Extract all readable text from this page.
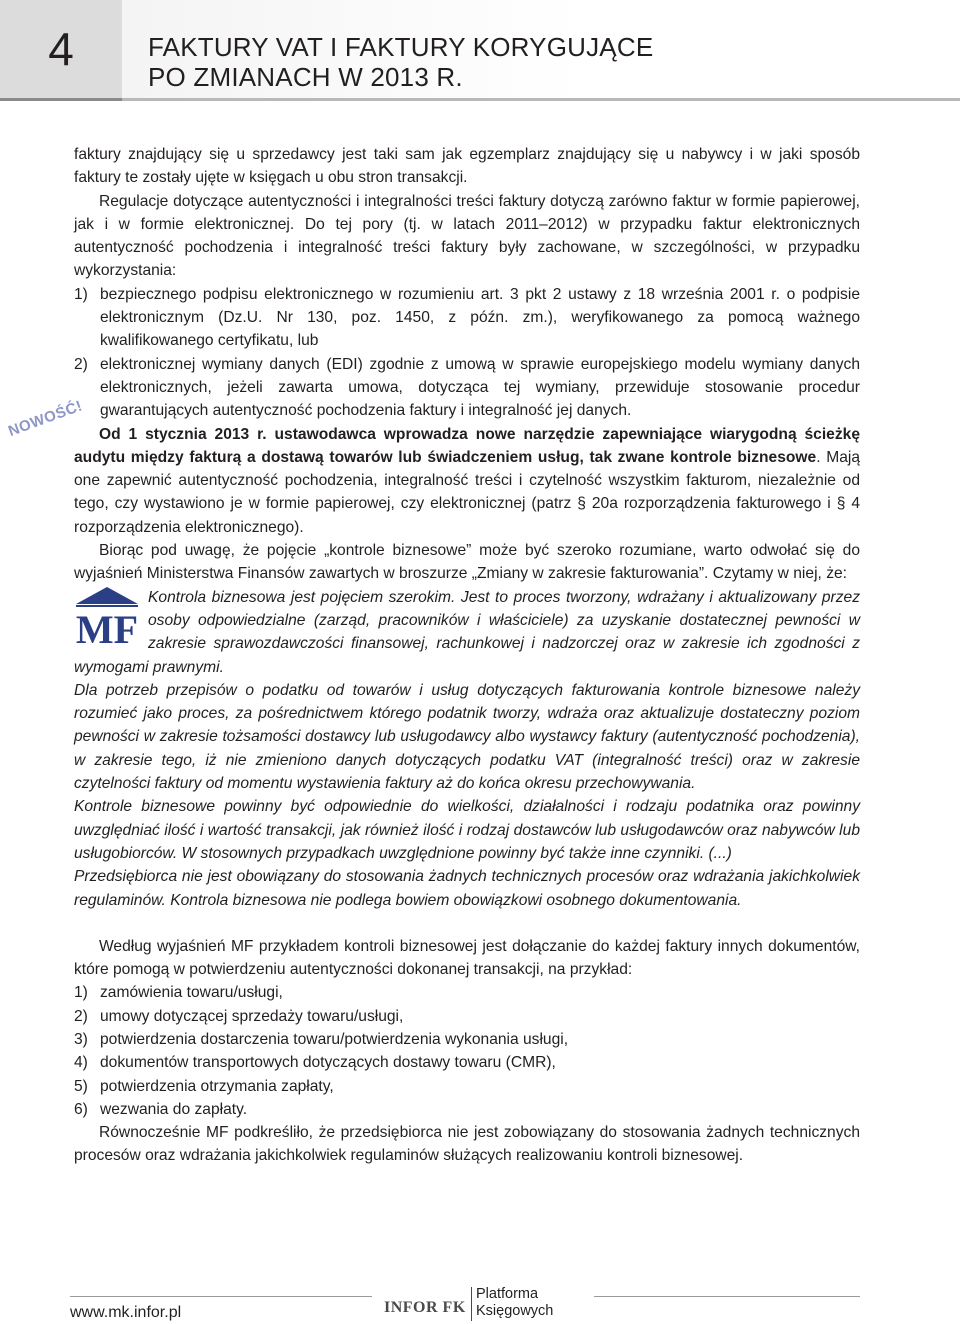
4	FAKTURY VAT I FAKTURY KORYGUJĄCE
PO ZMIANACH W 2013 R.
NOWOŚĆ!

faktury znajdujący się u sprzedawcy jest taki sam jak egzemplarz znajdujący się u nabywcy i w jaki sposób faktury te zostały ujęte w księgach u obu stron transakcji.

Regulacje dotyczące autentyczności i integralności treści faktury dotyczą zarówno faktur w formie papierowej, jak i w formie elektronicznej. Do tej pory (tj. w latach 2011–2012) w przypadku faktur elektronicznych autentyczność pochodzenia i integralność treści faktury były zachowane, w szczególności, w przypadku wykorzystania:

1) bezpiecznego podpisu elektronicznego w rozumieniu art. 3 pkt 2 ustawy z 18 września 2001 r. o podpisie elektronicznym (Dz.U. Nr 130, poz. 1450, z późn. zm.), weryfikowanego za pomocą ważnego kwalifikowanego certyfikatu, lub
2) elektronicznej wymiany danych (EDI) zgodnie z umową w sprawie europejskiego modelu wymiany danych elektronicznych, jeżeli zawarta umowa, dotycząca tej wymiany, przewiduje stosowanie procedur gwarantujących autentyczność pochodzenia faktury i integralność jej danych.

Od 1 stycznia 2013 r. ustawodawca wprowadza nowe narzędzie zapewniające wiarygodną ścieżkę audytu między fakturą a dostawą towarów lub świadczeniem usług, tak zwane kontrole biznesowe. Mają one zapewnić autentyczność pochodzenia, integralność treści i czytelność wszystkim fakturom, niezależnie od tego, czy wystawiono je w formie papierowej, czy elektronicznej (patrz § 20a rozporządzenia fakturowego i § 4 rozporządzenia elektronicznego).

Biorąc pod uwagę, że pojęcie „kontrole biznesowe” może być szeroko rozumiane, warto odwołać się do wyjaśnień Ministerstwa Finansów zawartych w broszurze „Zmiany w zakresie fakturowania”. Czytamy w niej, że:

MF

Kontrola biznesowa jest pojęciem szerokim. Jest to proces tworzony, wdrażany i aktualizowany przez osoby odpowiedzialne (zarząd, pracowników i właściciele) za uzyskanie dostatecznej pewności w zakresie sprawozdawczości finansowej, rachunkowej i nadzorczej oraz w zakresie ich zgodności z wymogami prawnymi.

Dla potrzeb przepisów o podatku od towarów i usług dotyczących fakturowania kontrole biznesowe należy rozumieć jako proces, za pośrednictwem którego podatnik tworzy, wdraża oraz aktualizuje dostateczny poziom pewności w zakresie tożsamości dostawcy lub usługodawcy albo wystawcy faktury (autentyczność pochodzenia), w zakresie tego, iż nie zmieniono danych dotyczących podatku VAT (integralność treści) oraz w zakresie czytelności faktury od momentu wystawienia faktury aż do końca okresu przechowywania.

Kontrole biznesowe powinny być odpowiednie do wielkości, działalności i rodzaju podatnika oraz powinny uwzględniać ilość i wartość transakcji, jak również ilość i rodzaj dostawców lub usługodawców oraz nabywców lub usługobiorców. W stosownych przypadkach uwzględnione powinny być także inne czynniki. (...)

Przedsiębiorca nie jest obowiązany do stosowania żadnych technicznych procesów oraz wdrażania jakichkolwiek regulaminów. Kontrola biznesowa nie podlega bowiem obowiązkowi osobnego dokumentowania.

Według wyjaśnień MF przykładem kontroli biznesowej jest dołączanie do każdej faktury innych dokumentów, które pomogą w potwierdzeniu autentyczności dokonanej transakcji, na przykład:

1) zamówienia towaru/usługi,
2) umowy dotyczącej sprzedaży towaru/usługi,
3) potwierdzenia dostarczenia towaru/potwierdzenia wykonania usługi,
4) dokumentów transportowych dotyczących dostawy towaru (CMR),
5) potwierdzenia otrzymania zapłaty,
6) wezwania do zapłaty.

Równocześnie MF podkreśliło, że przedsiębiorca nie jest zobowiązany do stosowania żadnych technicznych procesów oraz wdrażania jakichkolwiek regulaminów służących realizowaniu kontroli biznesowej.

www.mk.infor.pl	INFOR FK
Platforma
Księgowych
